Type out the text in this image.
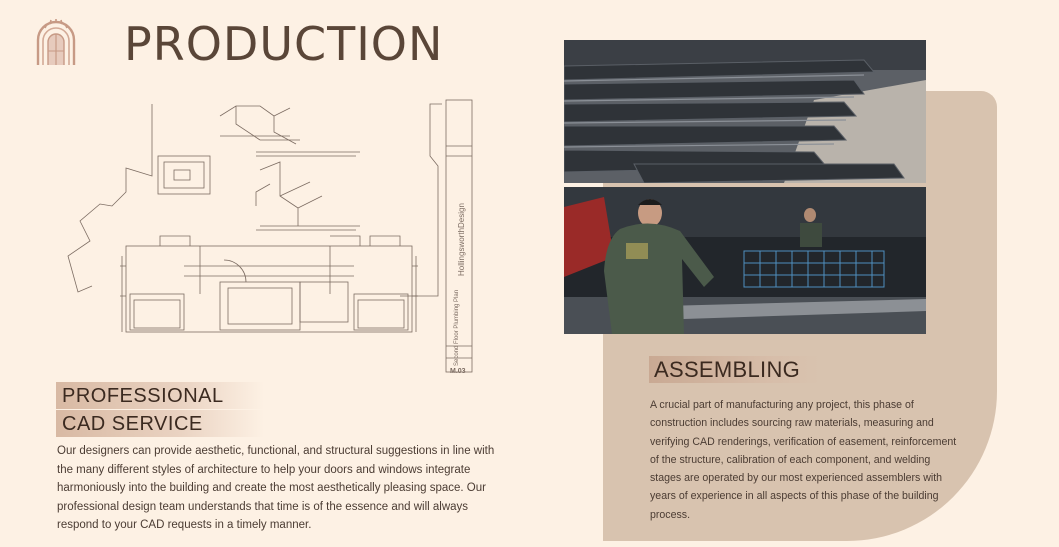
PRODUCTION
HollingsworthDesign
Second Floor Plumbing Plan
M.03
PROFESSIONAL
CAD SERVICE

Our designers can provide aesthetic, functional, and structural suggestions in line with the many different styles of architecture to help your doors and windows integrate harmoniously into the building and create the most aesthetically pleasing space. Our professional design team understands that time is of the essence and will always respond to your CAD requests in a timely manner.

ASSEMBLING

A crucial part of manufacturing any project, this phase of construction includes sourcing raw materials, measuring and verifying CAD renderings, verification of easement, reinforcement of the structure, calibration of each component, and welding stages are operated by our most experienced assemblers with years of experience in all aspects of this phase of the building process.
